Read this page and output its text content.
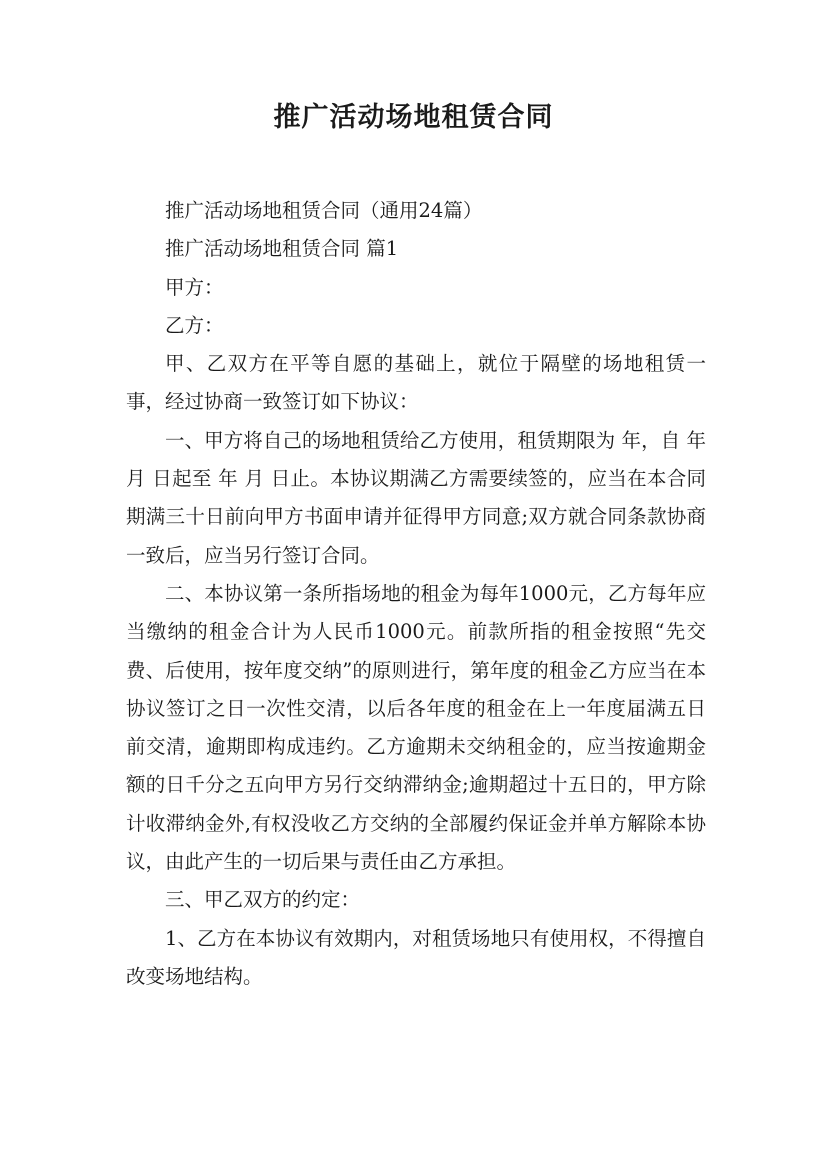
推广活动场地租赁合同

推广活动场地租赁合同（通用24篇）

推广活动场地租赁合同 篇1

甲方：

乙方：

甲、乙双方在平等自愿的基础上，就位于隔壁的场地租赁一事，经过协商一致签订如下协议：

一、甲方将自己的场地租赁给乙方使用，租赁期限为 年，自 年 月 日起至 年 月 日止。本协议期满乙方需要续签的，应当在本合同期满三十日前向甲方书面申请并征得甲方同意;双方就合同条款协商一致后，应当另行签订合同。

二、本协议第一条所指场地的租金为每年1000元，乙方每年应当缴纳的租金合计为人民币1000元。前款所指的租金按照“先交费、后使用，按年度交纳”的原则进行，第年度的租金乙方应当在本协议签订之日一次性交清，以后各年度的租金在上一年度届满五日前交清，逾期即构成违约。乙方逾期未交纳租金的，应当按逾期金额的日千分之五向甲方另行交纳滞纳金;逾期超过十五日的，甲方除计收滞纳金外,有权没收乙方交纳的全部履约保证金并单方解除本协议，由此产生的一切后果与责任由乙方承担。

三、甲乙双方的约定：

1、乙方在本协议有效期内，对租赁场地只有使用权，不得擅自改变场地结构。
